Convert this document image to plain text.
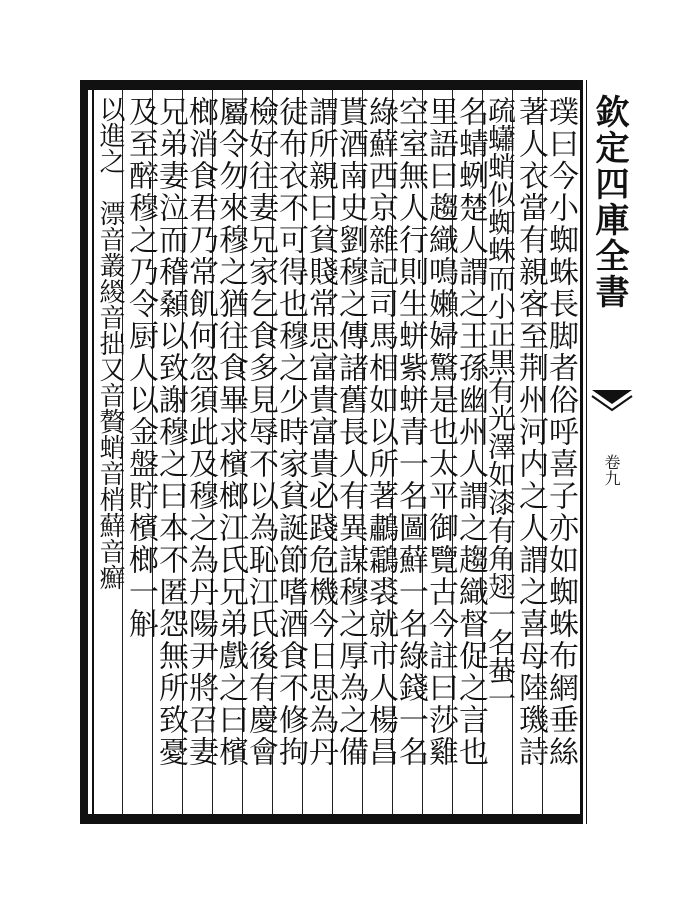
欽定四庫全書
卷九
璞曰今小蜘蛛長脚者俗呼喜子亦如蜘蛛布網垂絲
著人衣當有親客至荆州河内之人謂之喜母陸璣詩
疏蠨蛸似蜘蛛而小正黒有光澤如漆有角翅一名蛬一
名蜻蛚楚人謂之王孫幽州人謂之趨織督促之言也
里語曰趨織鳴嬾婦驚是也太平御覽古今註曰莎雞
空室無人行則生蛢紫蛢青一名圖蘚一名綠錢一名
綠蘚西京雜記司馬相如以所著鷫鸘裘就市人楊昌
貰酒南史劉穆之傳諸舊長人有異謀穆之厚為之備
謂所親曰貧賤常思富貴富貴必踐危機今日思為丹
徒布衣不可得也穆之少時家貧誕節嗜酒食不修拘
檢好往妻兄家乞食多見辱不以為恥江氏後有慶會
屬令勿來穆之猶往食畢求檳榔江氏兄弟戲之曰檳
榔消食君乃常飢何忽須此及穆之為丹陽尹將召妻
兄弟妻泣而稽顙以致謝穆之曰本不匿怨無所致憂
及至醉穆之乃令厨人以金盤貯檳榔一斛
以進之　漂音叢緵音拙又音贅蛸音梢蘚音癬
